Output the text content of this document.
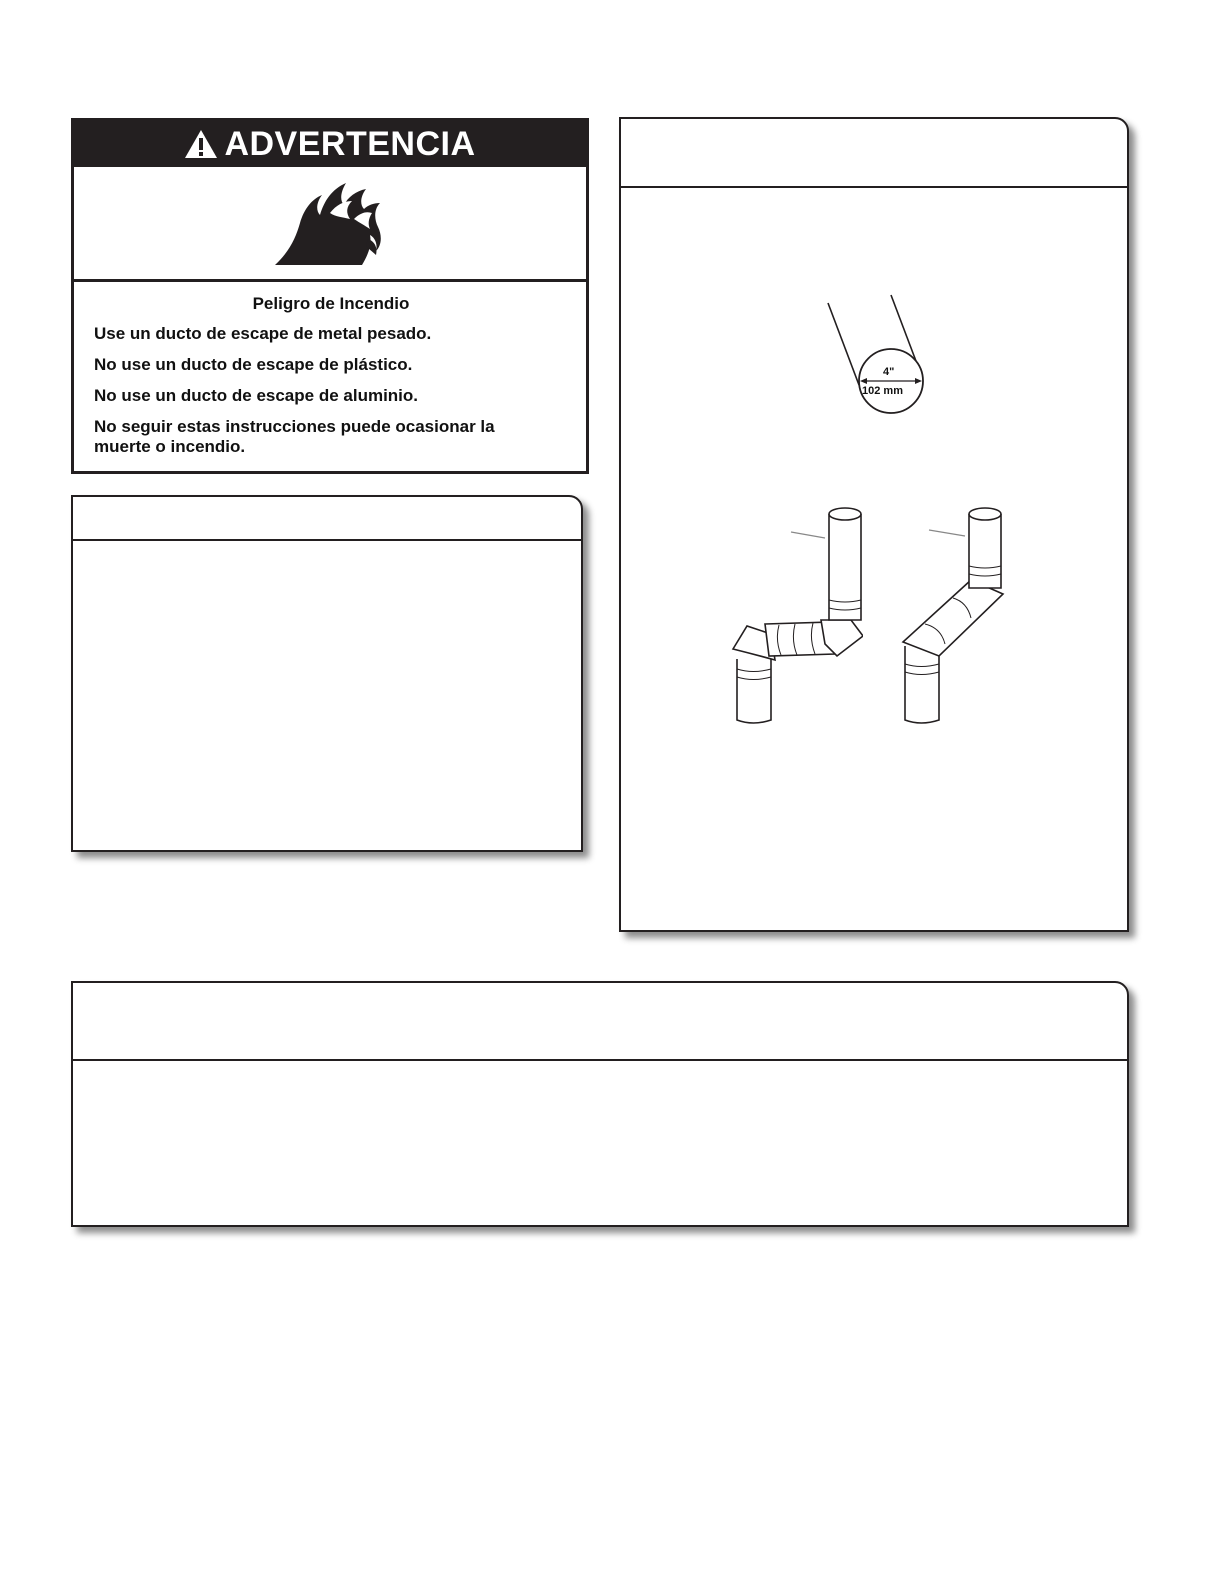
ADVERTENCIA
Peligro de Incendio
Use un ducto de escape de metal pesado.
No use un ducto de escape de plástico.
No use un ducto de escape de aluminio.
No seguir estas instrucciones puede ocasionar la muerte o incendio.
4"
102 mm
